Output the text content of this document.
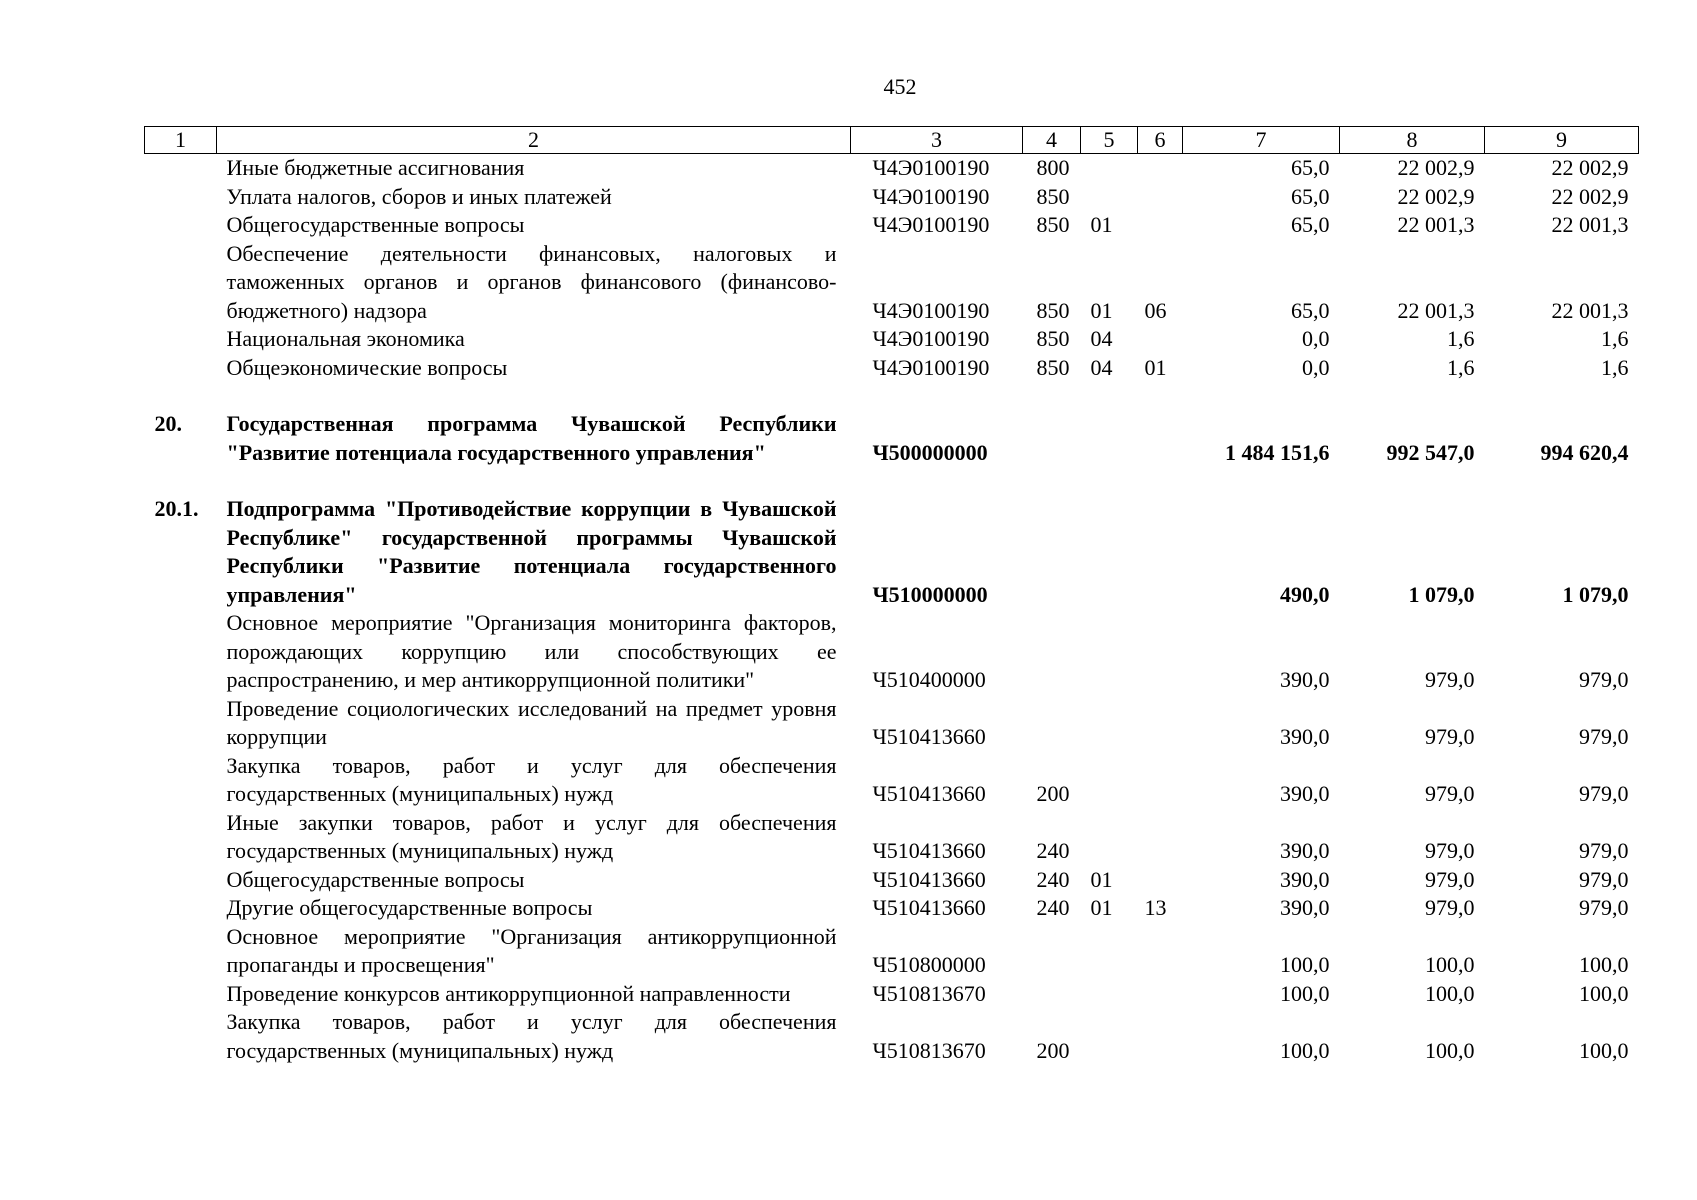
452
1	2	3	4	5	6	7	8	9
	Иные бюджетные ассигнования	Ч4Э0100190	800			65,0	22 002,9	22 002,9
	Уплата налогов, сборов и иных платежей	Ч4Э0100190	850			65,0	22 002,9	22 002,9
	Общегосударственные вопросы	Ч4Э0100190	850	01		65,0	22 001,3	22 001,3
	Обеспечение деятельности финансовых, налоговых и таможенных органов и органов финансового (финансово-бюджетного) надзора	Ч4Э0100190	850	01	06	65,0	22 001,3	22 001,3
	Национальная экономика	Ч4Э0100190	850	04		0,0	1,6	1,6
	Общеэкономические вопросы	Ч4Э0100190	850	04	01	0,0	1,6	1,6

20.	Государственная программа Чувашской Республики "Развитие потенциала государственного управления"	Ч500000000				1 484 151,6	992 547,0	994 620,4

20.1.	Подпрограмма "Противодействие коррупции в Чувашской Республике" государственной программы Чувашской Республики "Развитие потенциала государственного управления"	Ч510000000				490,0	1 079,0	1 079,0
	Основное мероприятие "Организация мониторинга факторов, порождающих коррупцию или способствующих ее распространению, и мер антикоррупционной политики"	Ч510400000				390,0	979,0	979,0
	Проведение социологических исследований на предмет уровня коррупции	Ч510413660				390,0	979,0	979,0
	Закупка товаров, работ и услуг для обеспечения государственных (муниципальных) нужд	Ч510413660	200			390,0	979,0	979,0
	Иные закупки товаров, работ и услуг для обеспечения государственных (муниципальных) нужд	Ч510413660	240			390,0	979,0	979,0
	Общегосударственные вопросы	Ч510413660	240	01		390,0	979,0	979,0
	Другие общегосударственные вопросы	Ч510413660	240	01	13	390,0	979,0	979,0
	Основное мероприятие "Организация антикоррупционной пропаганды и просвещения"	Ч510800000				100,0	100,0	100,0
	Проведение конкурсов антикоррупционной направленности	Ч510813670				100,0	100,0	100,0
	Закупка товаров, работ и услуг для обеспечения государственных (муниципальных) нужд	Ч510813670	200			100,0	100,0	100,0
